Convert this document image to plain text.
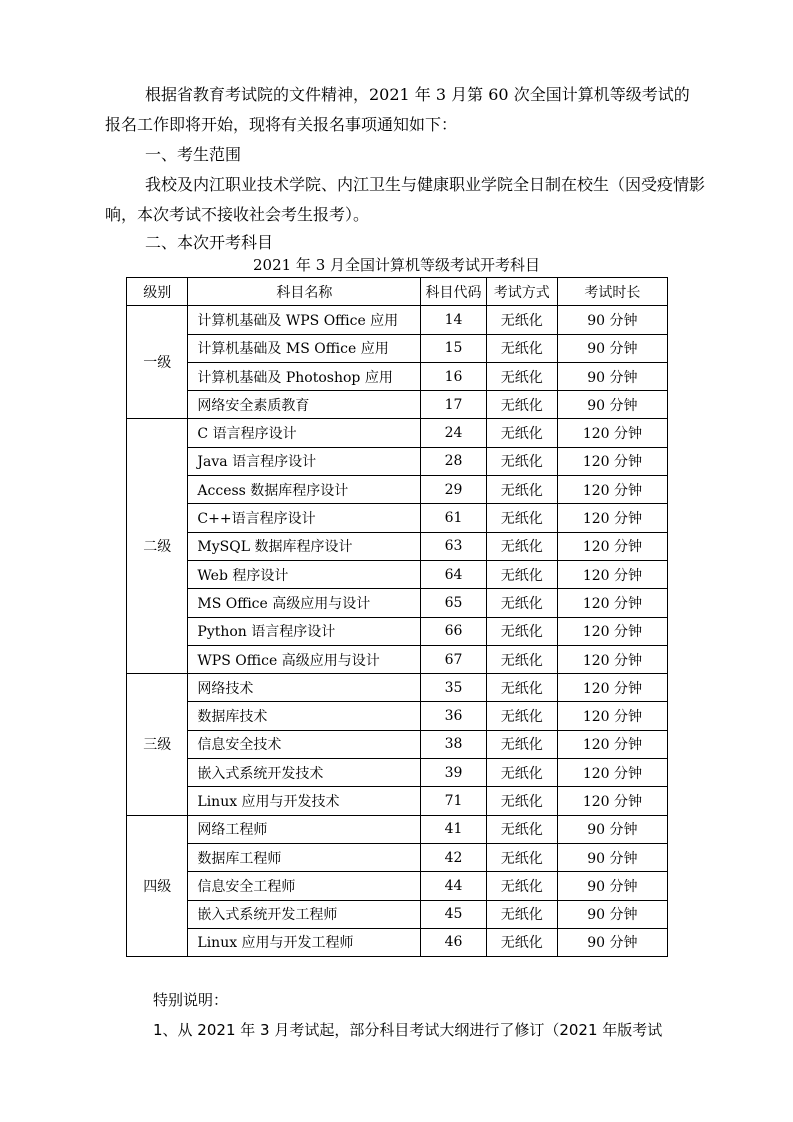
根据省教育考试院的文件精神，2021 年 3 月第 60 次全国计算机等级考试的报名工作即将开始，现将有关报名事项通知如下：

一、考生范围

我校及内江职业技术学院、内江卫生与健康职业学院全日制在校生（因受疫情影响，本次考试不接收社会考生报考）。

二、本次开考科目

2021 年 3 月全国计算机等级考试开考科目
级别	科目名称	科目代码	考试方式	考试时长
一级	计算机基础及 WPS Office 应用	14	无纸化	90 分钟
	计算机基础及 MS Office 应用	15	无纸化	90 分钟
	计算机基础及 Photoshop 应用	16	无纸化	90 分钟
	网络安全素质教育	17	无纸化	90 分钟
二级	C 语言程序设计	24	无纸化	120 分钟
	Java 语言程序设计	28	无纸化	120 分钟
	Access 数据库程序设计	29	无纸化	120 分钟
	C++语言程序设计	61	无纸化	120 分钟
	MySQL 数据库程序设计	63	无纸化	120 分钟
	Web 程序设计	64	无纸化	120 分钟
	MS Office 高级应用与设计	65	无纸化	120 分钟
	Python 语言程序设计	66	无纸化	120 分钟
	WPS Office 高级应用与设计	67	无纸化	120 分钟
三级	网络技术	35	无纸化	120 分钟
	数据库技术	36	无纸化	120 分钟
	信息安全技术	38	无纸化	120 分钟
	嵌入式系统开发技术	39	无纸化	120 分钟
	Linux 应用与开发技术	71	无纸化	120 分钟
四级	网络工程师	41	无纸化	90 分钟
	数据库工程师	42	无纸化	90 分钟
	信息安全工程师	44	无纸化	90 分钟
	嵌入式系统开发工程师	45	无纸化	90 分钟
	Linux 应用与开发工程师	46	无纸化	90 分钟
特别说明：
1、从 2021 年 3 月考试起，部分科目考试大纲进行了修订（2021 年版考试
